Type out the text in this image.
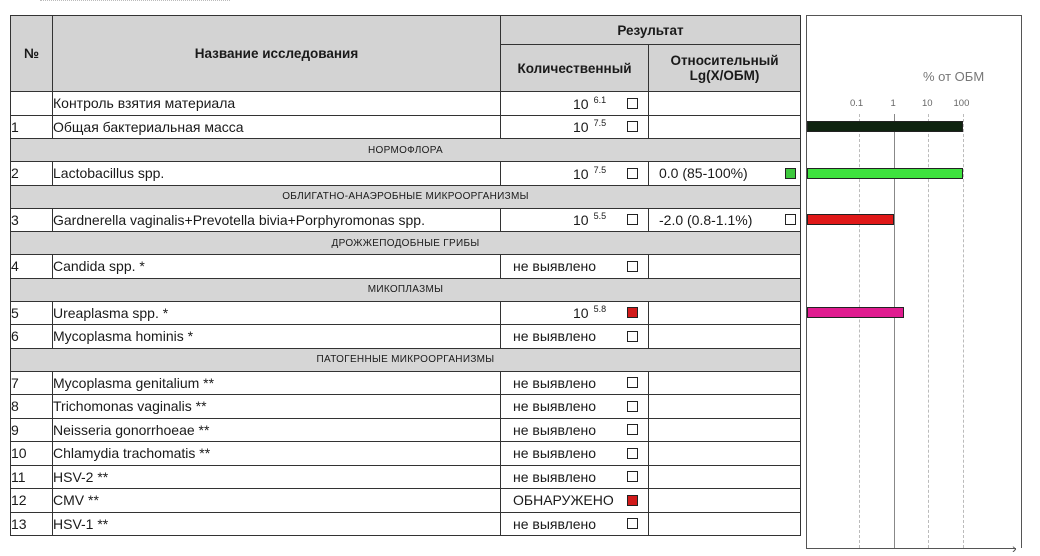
№	Название исследования	Результат	
		Количественный	Относительный
Lg(X/ОБМ)

	Контроль взятия материала	10 $^{6.1}$

1	Общая бактериальная масса	10 $^{7.5}$

НОРМОФЛОРА			
2	Lactobacillus spp.	10 $^{7.5}$	0.0 (85-100%)

ОБЛИГАТНО-АНАЭРОБНЫЕ МИКРООРГАНИЗМЫ			
3	Gardnerella vaginalis+Prevotella bivia+Porphyromonas spp.	10 $^{5.5}$	-2.0 (0.8-1.1%)

ДРОЖЖЕПОДОБНЫЕ ГРИБЫ			
4	Candida spp. *	не выявлено	

МИКОПЛАЗМЫ			
5	Ureaplasma spp. *	10 $^{5.8}$

6	Mycoplasma hominis *	не выявлено	

ПАТОГЕННЫЕ МИКРООРГАНИЗМЫ			
7	Mycoplasma genitalium **	не выявлено	

8	Trichomonas vaginalis **	не выявлено	

9	Neisseria gonorrhoeae **	не выявлено	

10	Chlamydia trachomatis **	не выявлено	

11	HSV-2 **	не выявлено	

12	CMV **	ОБНАРУЖЕНО	

13	HSV-1 **	не выявлено	

% от ОБМ
0.1	1	10 100
›
